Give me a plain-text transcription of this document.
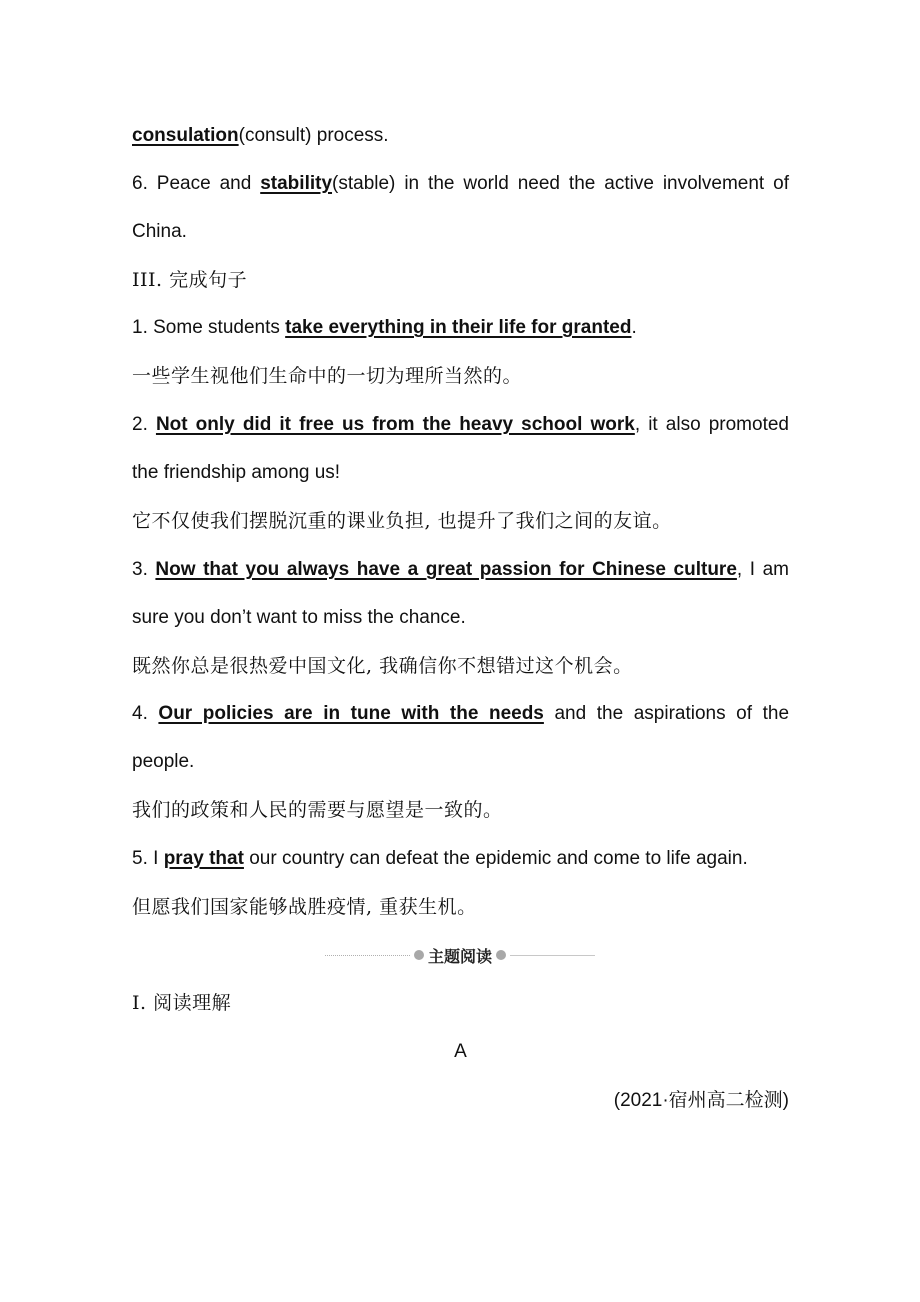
consulation(consult) process.
6. Peace and stability(stable) in the world need the active involvement of
China.
III. 完成句子
1. Some students take everything in their life for granted.
一些学生视他们生命中的一切为理所当然的。
2. Not only did it free us from the heavy school work, it also promoted
the friendship among us!
它不仅使我们摆脱沉重的课业负担, 也提升了我们之间的友谊。
3. Now that you always have a great passion for Chinese culture, I am
sure you don’t want to miss the chance.
既然你总是很热爱中国文化, 我确信你不想错过这个机会。
4. Our policies are in tune with the needs and the aspirations of the
people.
我们的政策和人民的需要与愿望是一致的。
5. I pray that our country can defeat the epidemic and come to life again.
但愿我们国家能够战胜疫情, 重获生机。
主题阅读
Ⅰ. 阅读理解
A
(2021·宿州高二检测)
